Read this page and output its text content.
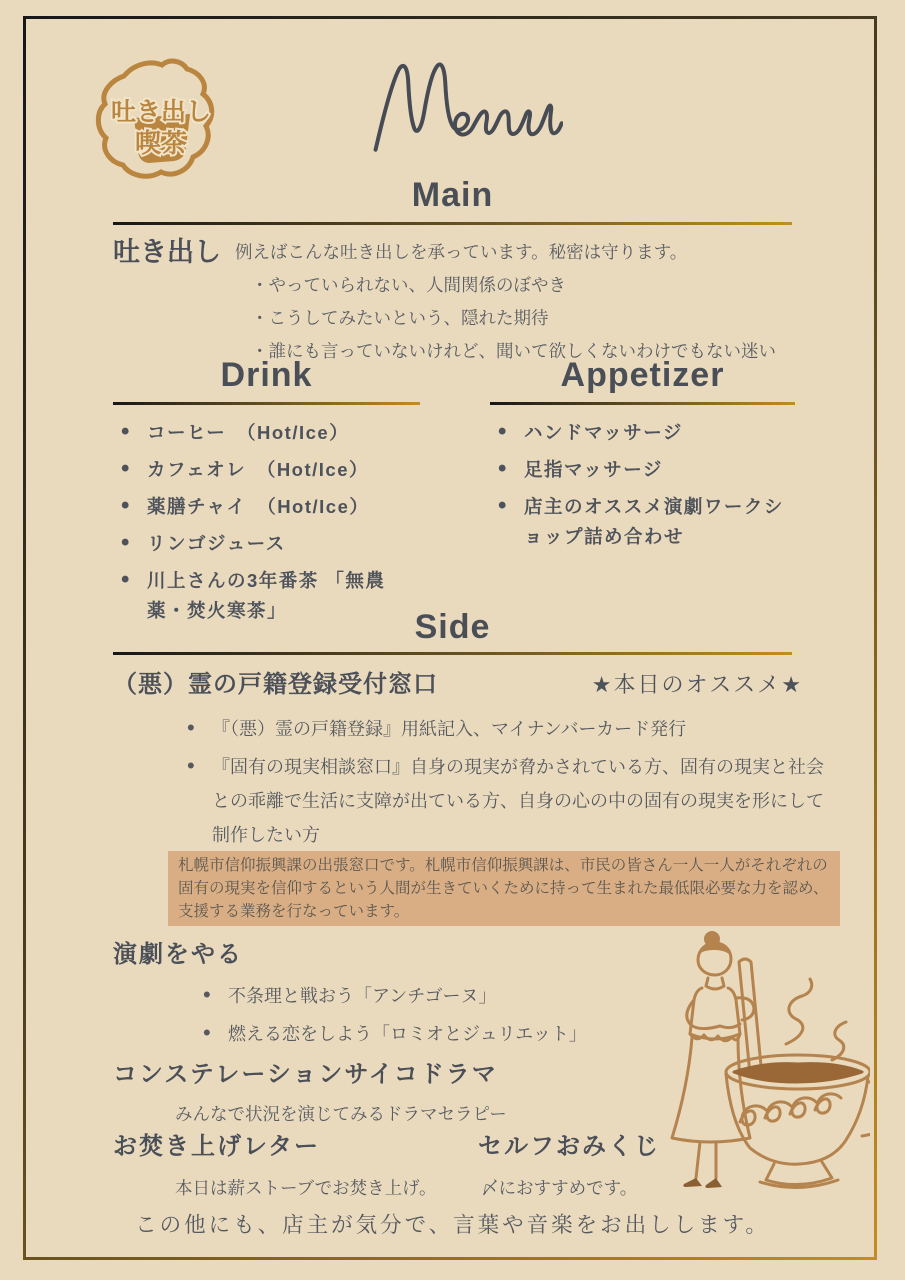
吐き出し
喫茶
Main
吐き出し 例えばこんな吐き出しを承っています。秘密は守ります。
・やっていられない、人間関係のぼやき
・こうしてみたいという、隠れた期待
・誰にも言っていないけれど、聞いて欲しくないわけでもない迷い
Drink
• コーヒー　（Hot/Ice）
• カフェオレ　（Hot/Ice）
• 薬膳チャイ　（Hot/Ice）
• リンゴジュース
• 川上さんの3年番茶 「無農薬・焚火寒茶」
Appetizer
• ハンドマッサージ
• 足指マッサージ
• 店主のオススメ演劇ワークショップ詰め合わせ
Side
（悪）霊の戸籍登録受付窓口	★本日のオススメ★
• 『（悪）霊の戸籍登録』用紙記入、マイナンバーカード発行
• 『固有の現実相談窓口』自身の現実が脅かされている方、固有の現実と社会との乖離で生活に支障が出ている方、自身の心の中の固有の現実を形にして制作したい方
札幌市信仰振興課の出張窓口です。札幌市信仰振興課は、市民の皆さん一人一人がそれぞれの固有の現実を信仰するという人間が生きていくために持って生まれた最低限必要な力を認め、支援する業務を行なっています。
演劇をやる
• 不条理と戦おう「アンチゴーヌ」
• 燃える恋をしよう「ロミオとジュリエット」
コンステレーションサイコドラマ
みんなで状況を演じてみるドラマセラピー
お焚き上げレター
本日は薪ストーブでお焚き上げ。
セルフおみくじ
〆におすすめです。
この他にも、店主が気分で、言葉や音楽をお出しします。
